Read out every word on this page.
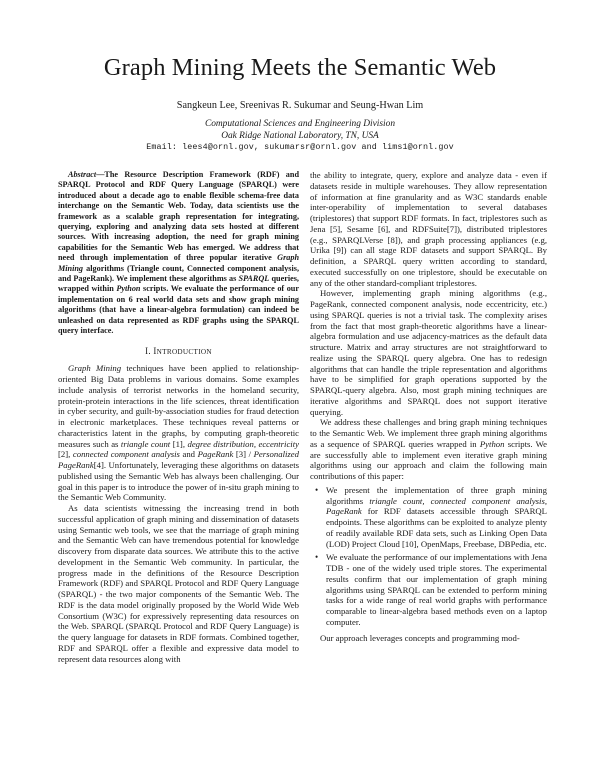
Graph Mining Meets the Semantic Web
Sangkeun Lee, Sreenivas R. Sukumar and Seung-Hwan Lim
Computational Sciences and Engineering Division
Oak Ridge National Laboratory, TN, USA
Email: lees4@ornl.gov, sukumarsr@ornl.gov and lims1@ornl.gov

Abstract—The Resource Description Framework (RDF) and SPARQL Protocol and RDF Query Language (SPARQL) were introduced about a decade ago to enable flexible schema-free data interchange on the Semantic Web. Today, data scientists use the framework as a scalable graph representation for integrating, querying, exploring and analyzing data sets hosted at different sources. With increasing adoption, the need for graph mining capabilities for the Semantic Web has emerged. We address that need through implementation of three popular iterative Graph Mining algorithms (Triangle count, Connected component analysis, and PageRank). We implement these algorithms as SPARQL queries, wrapped within Python scripts. We evaluate the performance of our implementation on 6 real world data sets and show graph mining algorithms (that have a linear-algebra formulation) can indeed be unleashed on data represented as RDF graphs using the SPARQL query interface.

I. INTRODUCTION

Graph Mining techniques have been applied to relationship-oriented Big Data problems in various domains. Some examples include analysis of terrorist networks in the homeland security, protein-protein interactions in the life sciences, threat identification in cyber security, and guilt-by-association studies for fraud detection in electronic marketplaces. These techniques reveal patterns or characteristics latent in the graphs, by computing graph-theoretic measures such as triangle count [1], degree distribution, eccentricity [2], connected component analysis and PageRank [3] / Personalized PageRank[4]. Unfortunately, leveraging these algorithms on datasets published using the Semantic Web has always been challenging. Our goal in this paper is to introduce the power of in-situ graph mining to the Semantic Web Community.

As data scientists witnessing the increasing trend in both successful application of graph mining and dissemination of datasets using Semantic web tools, we see that the marriage of graph mining and the Semantic Web can have tremendous potential for knowledge discovery from disparate data sources. We attribute this to the active development in the Semantic Web community. In particular, the progress made in the definitions of the Resource Description Framework (RDF) and SPARQL Protocol and RDF Query Language (SPARQL) - the two major components of the Semantic Web. The RDF is the data model originally proposed by the World Wide Web Consortium (W3C) for expressively representing data resources on the Web. SPARQL (SPARQL Protocol and RDF Query Language) is the query language for datasets in RDF formats. Combined together, RDF and SPARQL offer a flexible and expressive data model to represent data resources along with

the ability to integrate, query, explore and analyze data - even if datasets reside in multiple warehouses. They allow representation of information at fine granularity and as W3C standards enable inter-operability of implementation to several databases (triplestores) that support RDF formats. In fact, triplestores such as Jena [5], Sesame [6], and RDFSuite[7]), distributed triplestores (e.g., SPARQLVerse [8]), and graph processing appliances (e.g, Urika [9]) can all stage RDF datasets and support SPARQL. By definition, a SPARQL query written according to standard, executed successfully on one triplestore, should be executable on any of the other standard-compliant triplestores.

However, implementing graph mining algorithms (e.g., PageRank, connected component analysis, node eccentricity, etc.) using SPARQL queries is not a trivial task. The complexity arises from the fact that most graph-theoretic algorithms have a linear-algebra formulation and use adjacency-matrices as the default data structure. Matrix and array structures are not straightforward to realize using the SPARQL query algebra. One has to redesign algorithms that can handle the triple representation and algorithms have to be simplified for graph operations supported by the SPARQL-query algebra. Also, most graph mining techniques are iterative algorithms and SPARQL does not support iterative querying.

We address these challenges and bring graph mining techniques to the Semantic Web. We implement three graph mining algorithms as a sequence of SPARQL queries wrapped in Python scripts. We are successfully able to implement even iterative graph mining algorithms using our approach and claim the following main contributions of this paper:

• We present the implementation of three graph mining algorithms triangle count, connected component analysis, PageRank for RDF datasets accessible through SPARQL endpoints. These algorithms can be exploited to analyze plenty of readily available RDF data sets, such as Linking Open Data (LOD) Project Cloud [10], OpenMaps, Freebase, DBPedia, etc.
• We evaluate the performance of our implementations with Jena TDB - one of the widely used triple stores. The experimental results confirm that our implementation of graph mining algorithms using SPARQL can be extended to perform mining tasks for a wide range of real world graphs with performance comparable to linear-algebra based methods even on a laptop computer.

Our approach leverages concepts and programming mod-
